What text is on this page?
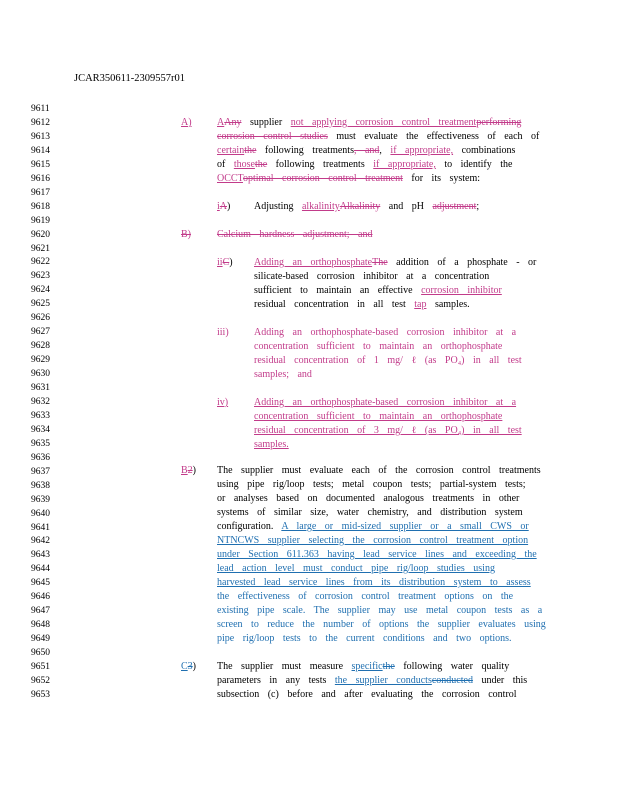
JCAR350611-2309557r01
9611
9612
9613
9614
9615
9616
9617
9618
9619
9620
9621
9622
9623
9624
9625
9626
9627
9628
9629
9630
9631
9632
9633
9634
9635
9636
9637
9638
9639
9640
9641
9642
9643
9644
9645
9646
9647
9648
9649
9650
9651
9652
9653
A)	AAny supplier not applying corrosion control treatmentperforming
corrosion control studies must evaluate the effectiveness of each of
certainthe following treatments, and, if appropriate, combinations
of thosethe following treatments if appropriate, to identify the
OCCToptimal corrosion control treatment for its system:
iA) Adjusting alkalinityAlkalinity and pH adjustment;
B)	Calcium hardness adjustment; and
iiC) Adding an orthophosphateThe addition of a phosphate - or
silicate-based corrosion inhibitor at a concentration
sufficient to maintain an effective corrosion inhibitor
residual concentration in all test tap samples.
iii)	Adding an orthophosphate-based corrosion inhibitor at a
concentration sufficient to maintain an orthophosphate
residual concentration of 1 mg/ ℓ (as PO₄) in all test
samples; and
iv)	Adding an orthophosphate-based corrosion inhibitor at a
concentration sufficient to maintain an orthophosphate
residual concentration of 3 mg/ ℓ (as PO₄) in all test
samples.
B2) The supplier must evaluate each of the corrosion control treatments
using pipe rig/loop tests; metal coupon tests; partial-system tests;
or analyses based on documented analogous treatments in other
systems of similar size, water chemistry, and distribution system
configuration. A large or mid-sized supplier or a small CWS or
NTNCWS supplier selecting the corrosion control treatment option
under Section 611.363 having lead service lines and exceeding the
lead action level must conduct pipe rig/loop studies using
harvested lead service lines from its distribution system to assess
the effectiveness of corrosion control treatment options on the
existing pipe scale. The supplier may use metal coupon tests as a
screen to reduce the number of options the supplier evaluates using
pipe rig/loop tests to the current conditions and two options.
C3) The supplier must measure specificthe following water quality
parameters in any tests the supplier conductsconducted under this
subsection (c) before and after evaluating the corrosion control
